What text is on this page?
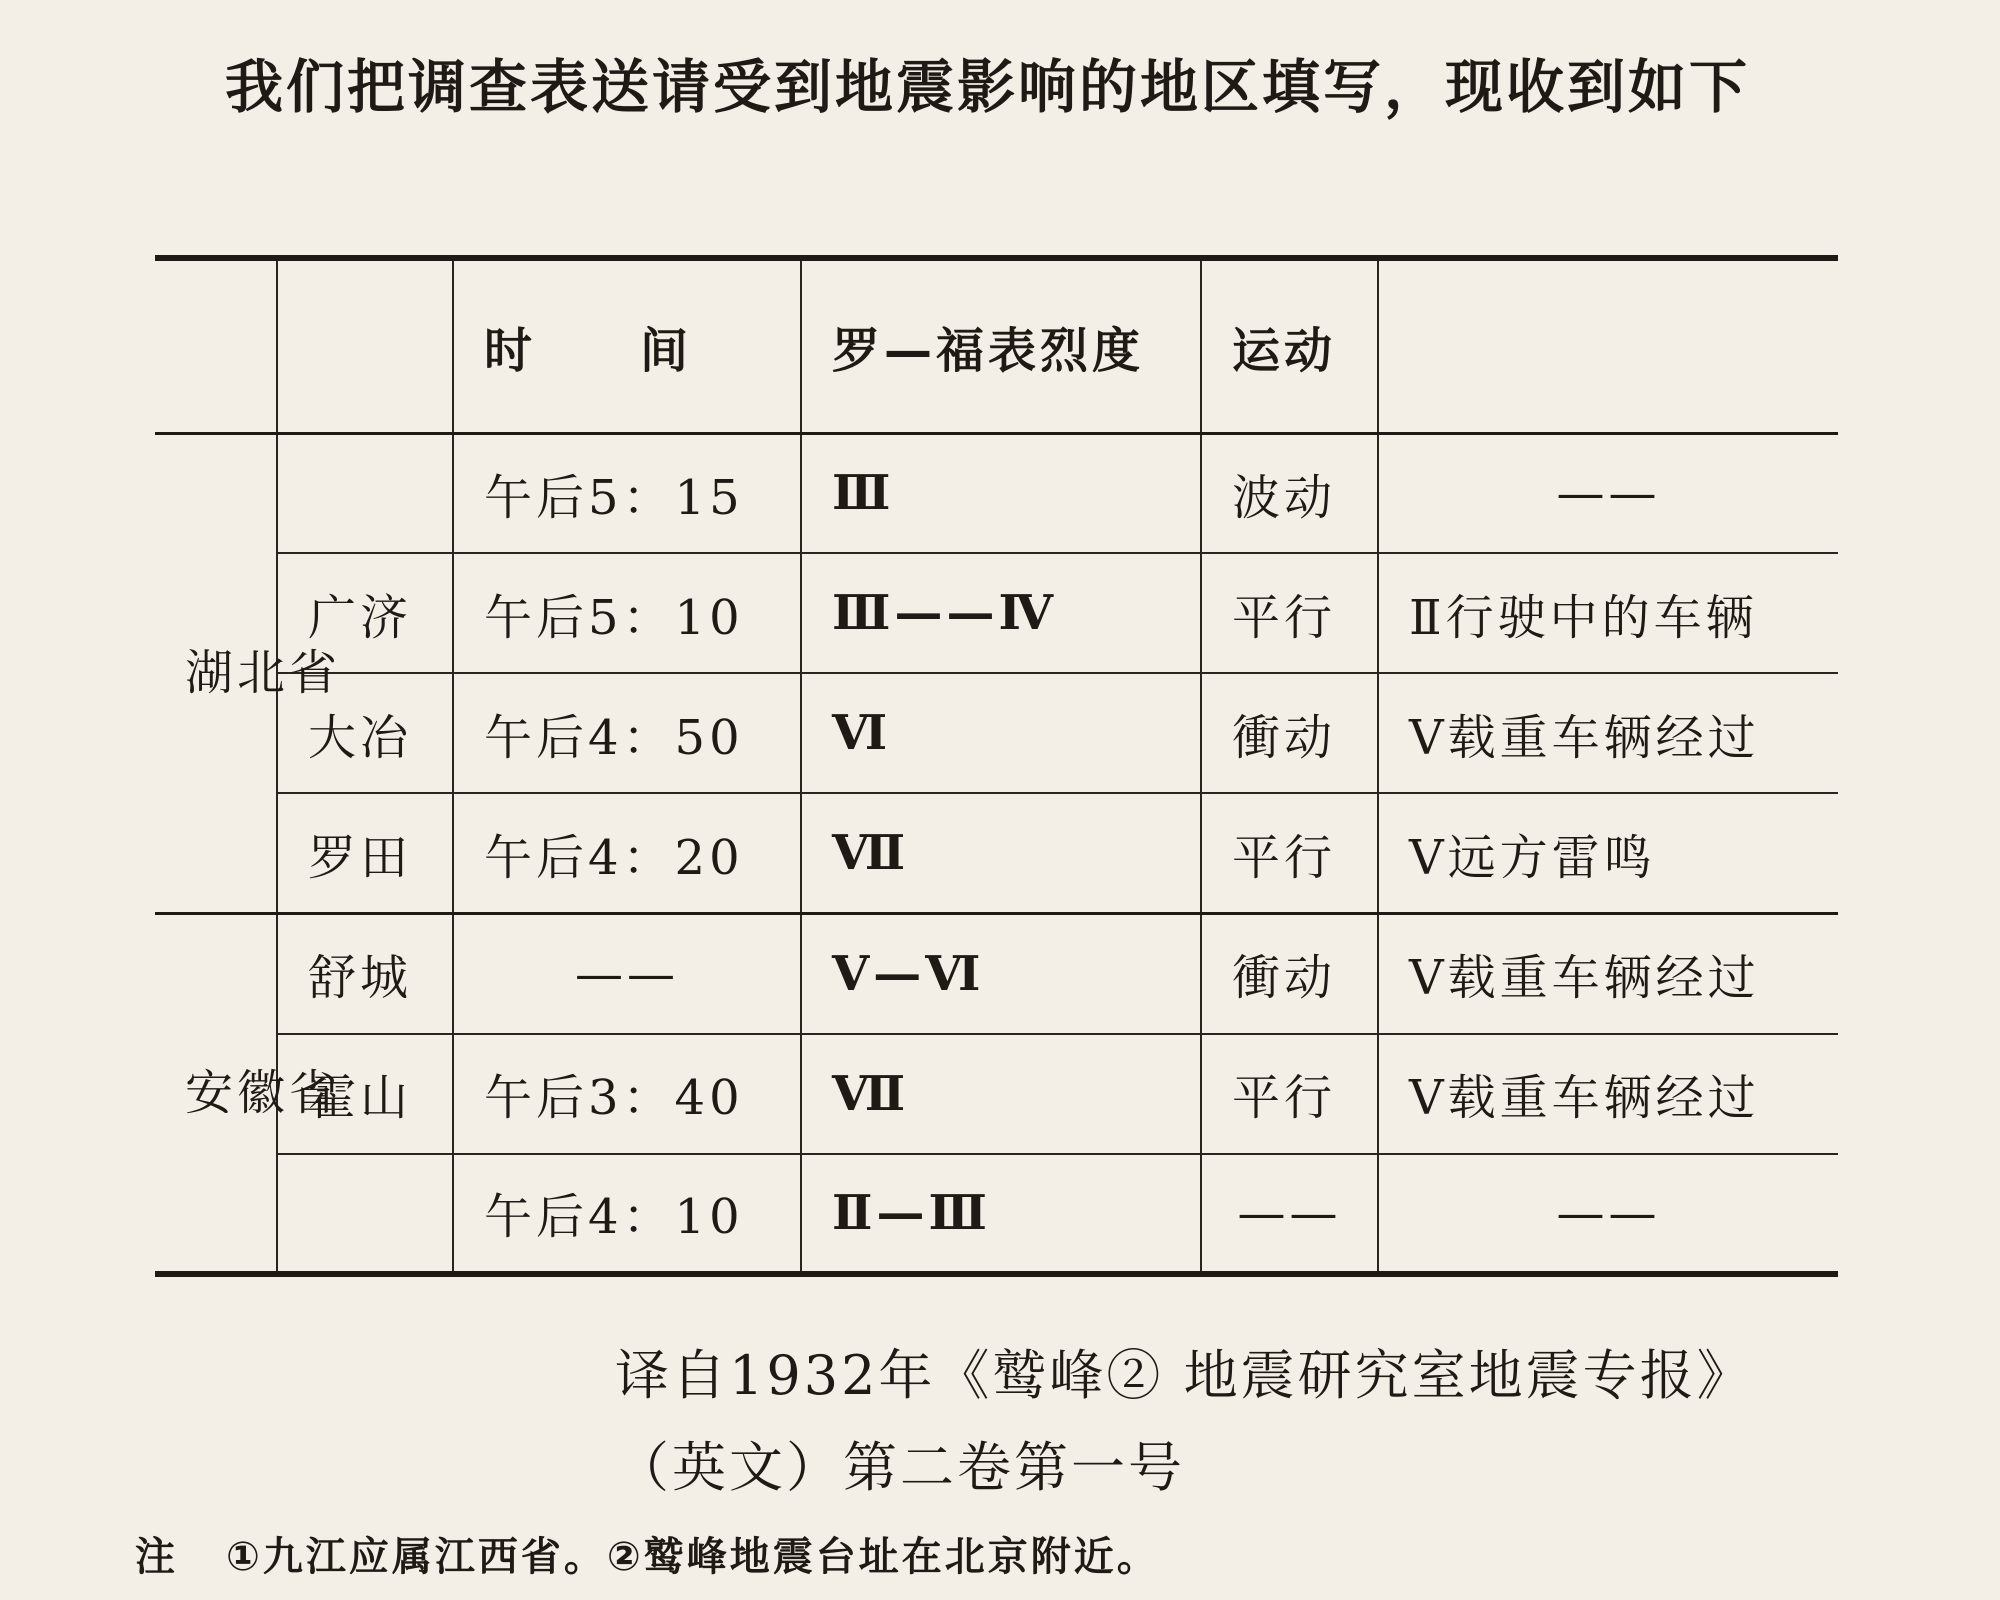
我们把调查表送请受到地震影响的地区填写，现收到如下
		时　　间	罗—福表烈度	运动	
湖北省		午后5：15	Ⅲ	波动	——
	广济	午后5：10	Ⅲ——Ⅳ	平行	Ⅱ行驶中的车辆
	大冶	午后4：50	Ⅵ	衝动	Ⅴ载重车辆经过
	罗田	午后4：20	Ⅶ	平行	Ⅴ远方雷鸣
安徽省	舒城	——	Ⅴ—Ⅵ	衝动	Ⅴ载重车辆经过
	霍山	午后3：40	Ⅶ	平行	Ⅴ载重车辆经过
		午后4：10	Ⅱ—Ⅲ	——	——
译自1932年《鹫峰② 地震研究室地震专报》
（英文）第二卷第一号
注 ①九江应属江西省。②鹫峰地震台址在北京附近。
